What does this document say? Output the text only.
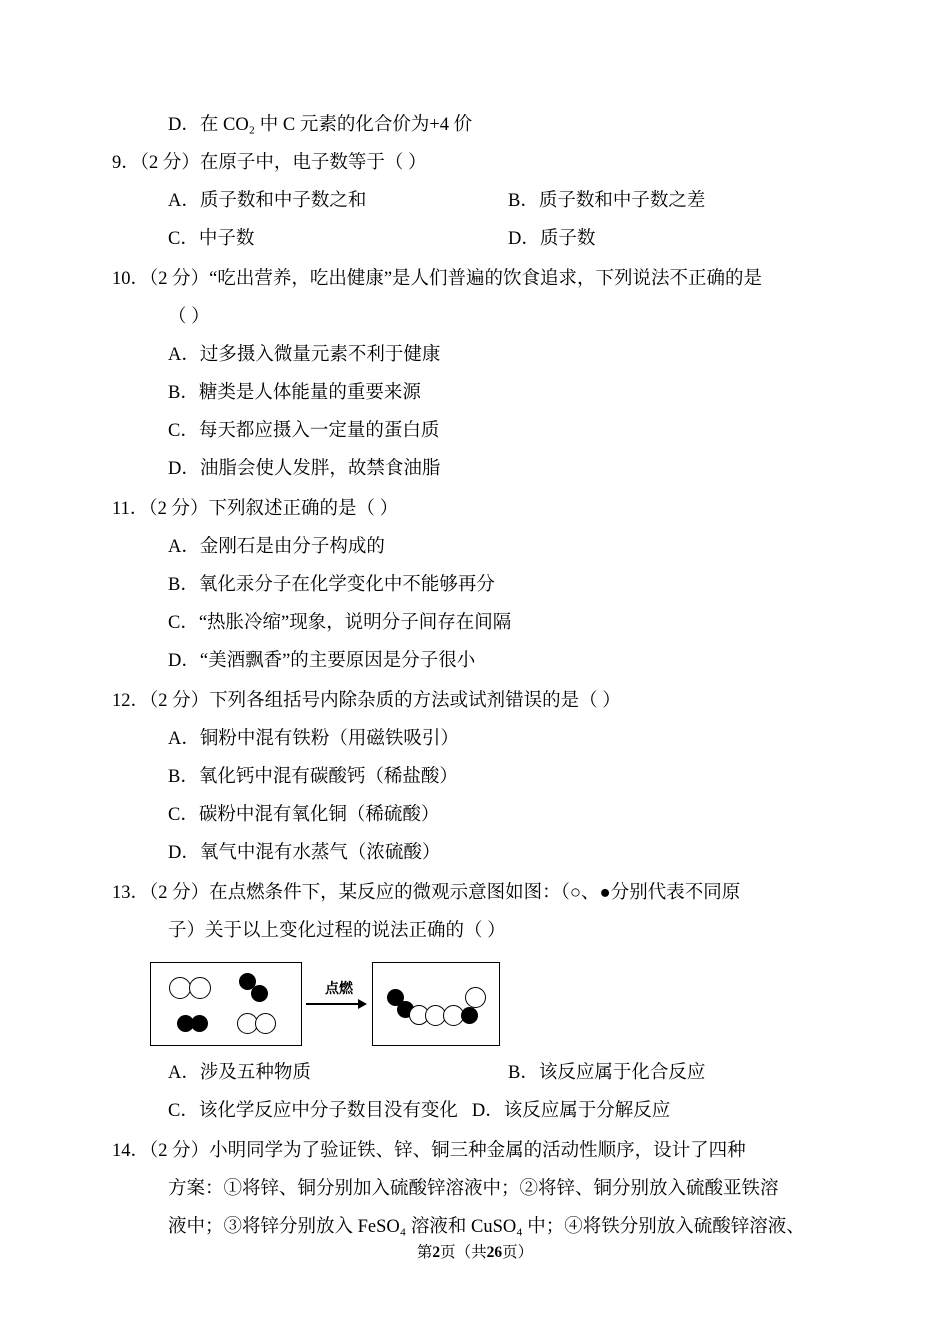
D．在 CO₂ 中 C 元素的化合价为+4 价
9．（2 分）在原子中，电子数等于（ ）
A．质子数和中子数之和	B．质子数和中子数之差
C．中子数	D．质子数
10．（2 分）“吃出营养，吃出健康”是人们普遍的饮食追求，下列说法不正确的是
（ ）
A．过多摄入微量元素不利于健康
B．糖类是人体能量的重要来源
C．每天都应摄入一定量的蛋白质
D．油脂会使人发胖，故禁食油脂
11．（2 分）下列叙述正确的是（ ）
A．金刚石是由分子构成的
B．氧化汞分子在化学变化中不能够再分
C．“热胀冷缩”现象，说明分子间存在间隔
D．“美酒飘香”的主要原因是分子很小
12．（2 分）下列各组括号内除杂质的方法或试剂错误的是（ ）
A．铜粉中混有铁粉（用磁铁吸引）
B．氧化钙中混有碳酸钙（稀盐酸）
C．碳粉中混有氧化铜（稀硫酸）
D．氧气中混有水蒸气（浓硫酸）
13．（2 分）在点燃条件下，某反应的微观示意图如图：（○、●分别代表不同原
子）关于以上变化过程的说法正确的（ ）
点燃
A．涉及五种物质	B．该反应属于化合反应
C．该化学反应中分子数目没有变化 D．该反应属于分解反应
14．（2 分）小明同学为了验证铁、锌、铜三种金属的活动性顺序，设计了四种
方案：①将锌、铜分别加入硫酸锌溶液中；②将锌、铜分别放入硫酸亚铁溶
液中；③将锌分别放入 FeSO₄ 溶液和 CuSO₄ 中；④将铁分别放入硫酸锌溶液、
第2页（共26页）
